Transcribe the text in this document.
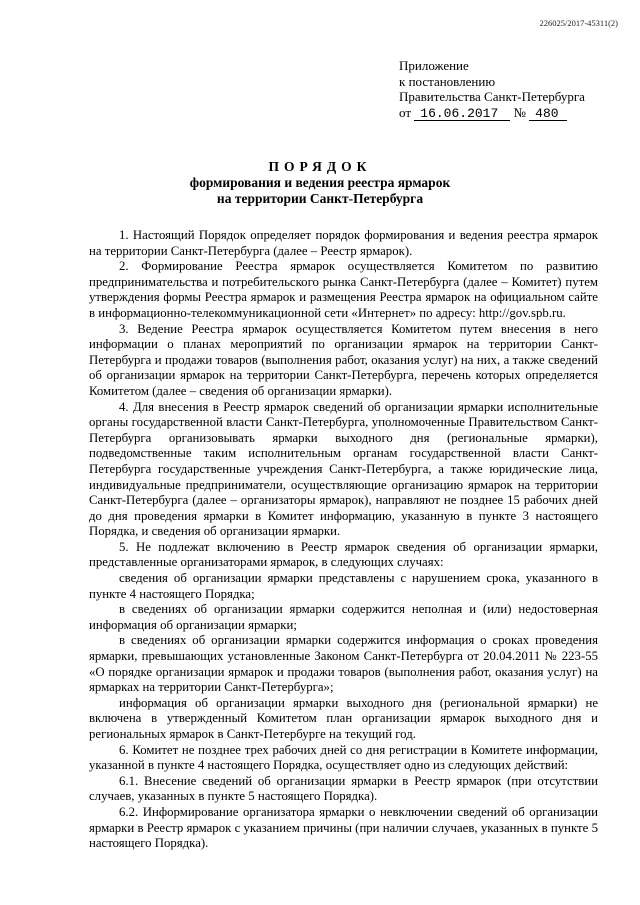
226025/2017-45311(2)
Приложение
к постановлению
Правительства Санкт-Петербурга
от 16.06.2017 № 480
ПОРЯДОК
формирования и ведения реестра ярмарок
на территории Санкт-Петербурга

1. Настоящий Порядок определяет порядок формирования и ведения реестра ярмарок на территории Санкт-Петербурга (далее – Реестр ярмарок).

2. Формирование Реестра ярмарок осуществляется Комитетом по развитию предпринимательства и потребительского рынка Санкт-Петербурга (далее – Комитет) путем утверждения формы Реестра ярмарок и размещения Реестра ярмарок на официальном сайте в информационно-телекоммуникационной сети «Интернет» по адресу: http://gov.spb.ru.

3. Ведение Реестра ярмарок осуществляется Комитетом путем внесения в него информации о планах мероприятий по организации ярмарок на территории Санкт-Петербурга и продажи товаров (выполнения работ, оказания услуг) на них, а также сведений об организации ярмарок на территории Санкт-Петербурга, перечень которых определяется Комитетом (далее – сведения об организации ярмарки).

4. Для внесения в Реестр ярмарок сведений об организации ярмарки исполнительные органы государственной власти Санкт-Петербурга, уполномоченные Правительством Санкт-Петербурга организовывать ярмарки выходного дня (региональные ярмарки), подведомственные таким исполнительным органам государственной власти Санкт-Петербурга государственные учреждения Санкт-Петербурга, а также юридические лица, индивидуальные предприниматели, осуществляющие организацию ярмарок на территории Санкт-Петербурга (далее – организаторы ярмарок), направляют не позднее 15 рабочих дней до дня проведения ярмарки в Комитет информацию, указанную в пункте 3 настоящего Порядка, и сведения об организации ярмарки.

5. Не подлежат включению в Реестр ярмарок сведения об организации ярмарки, представленные организаторами ярмарок, в следующих случаях:

сведения об организации ярмарки представлены с нарушением срока, указанного в пункте 4 настоящего Порядка;

в сведениях об организации ярмарки содержится неполная и (или) недостоверная информация об организации ярмарки;

в сведениях об организации ярмарки содержится информация о сроках проведения ярмарки, превышающих установленные Законом Санкт-Петербурга от 20.04.2011 № 223-55 «О порядке организации ярмарок и продажи товаров (выполнения работ, оказания услуг) на ярмарках на территории Санкт-Петербурга»;

информация об организации ярмарки выходного дня (региональной ярмарки) не включена в утвержденный Комитетом план организации ярмарок выходного дня и региональных ярмарок в Санкт-Петербурге на текущий год.

6. Комитет не позднее трех рабочих дней со дня регистрации в Комитете информации, указанной в пункте 4 настоящего Порядка, осуществляет одно из следующих действий:

6.1. Внесение сведений об организации ярмарки в Реестр ярмарок (при отсутствии случаев, указанных в пункте 5 настоящего Порядка).

6.2. Информирование организатора ярмарки о невключении сведений об организации ярмарки в Реестр ярмарок с указанием причины (при наличии случаев, указанных в пункте 5 настоящего Порядка).
